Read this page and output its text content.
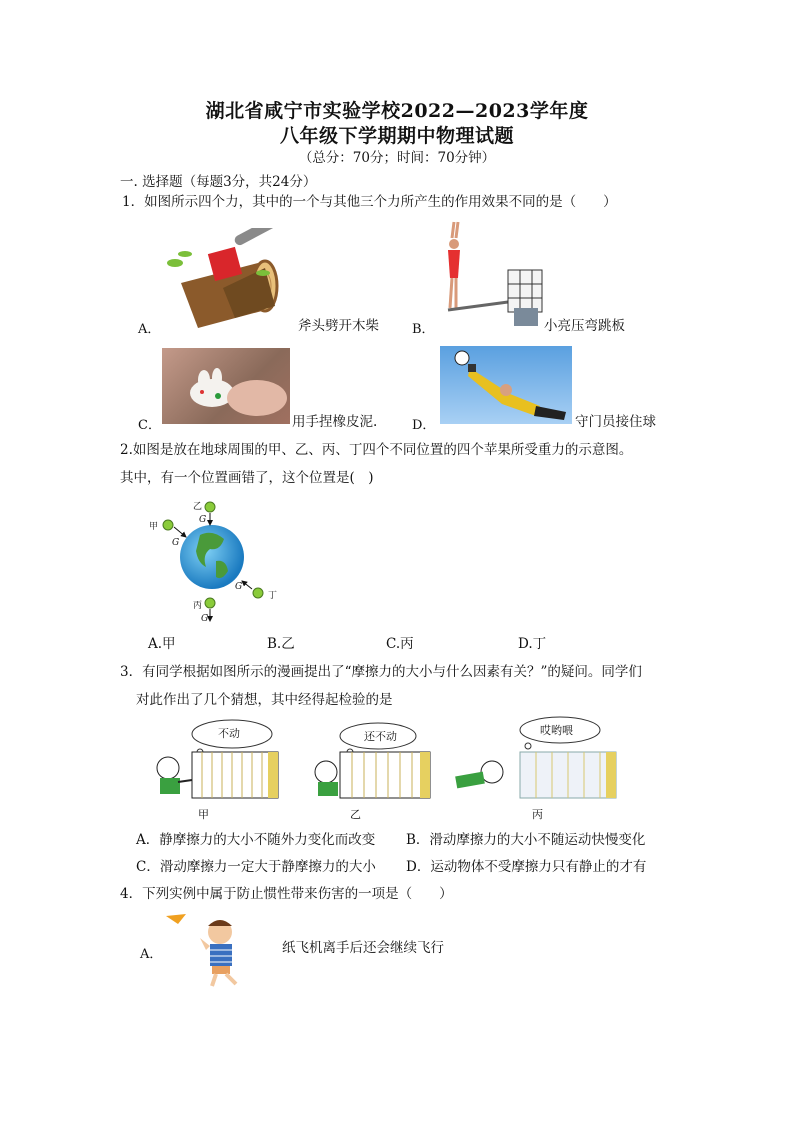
湖北省咸宁市实验学校2022—2023学年度
八年级下学期期中物理试题
（总分：70分；时间：70分钟）
一. 选择题（每题3分，共24分）
1．如图所示四个力，其中的一个与其他三个力所产生的作用效果不同的是（　　）
A．	斧头劈开木柴	B．	小亮压弯跳板
C．	用手捏橡皮泥.	D．	守门员接住球
2.如图是放在地球周围的甲、乙、丙、丁四个不同位置的四个苹果所受重力的示意图。
其中，有一个位置画错了，这个位置是(　)
乙
G
甲
G
G
丁
丙
G
A.甲	B.乙	C.丙	D.丁
3．有同学根据如图所示的漫画提出了“摩擦力的大小与什么因素有关？”的疑问。同学们
对此作出了几个猜想，其中经得起检验的是
不动	还不动	哎哟喂
甲	乙	丙
A．静摩擦力的大小不随外力变化而改变 B．滑动摩擦力的大小不随运动快慢变化
C．滑动摩擦力一定大于静摩擦力的大小 D．运动物体不受摩擦力只有静止的才有
4．下列实例中属于防止惯性带来伤害的一项是（　　）
A．	纸飞机离手后还会继续飞行
